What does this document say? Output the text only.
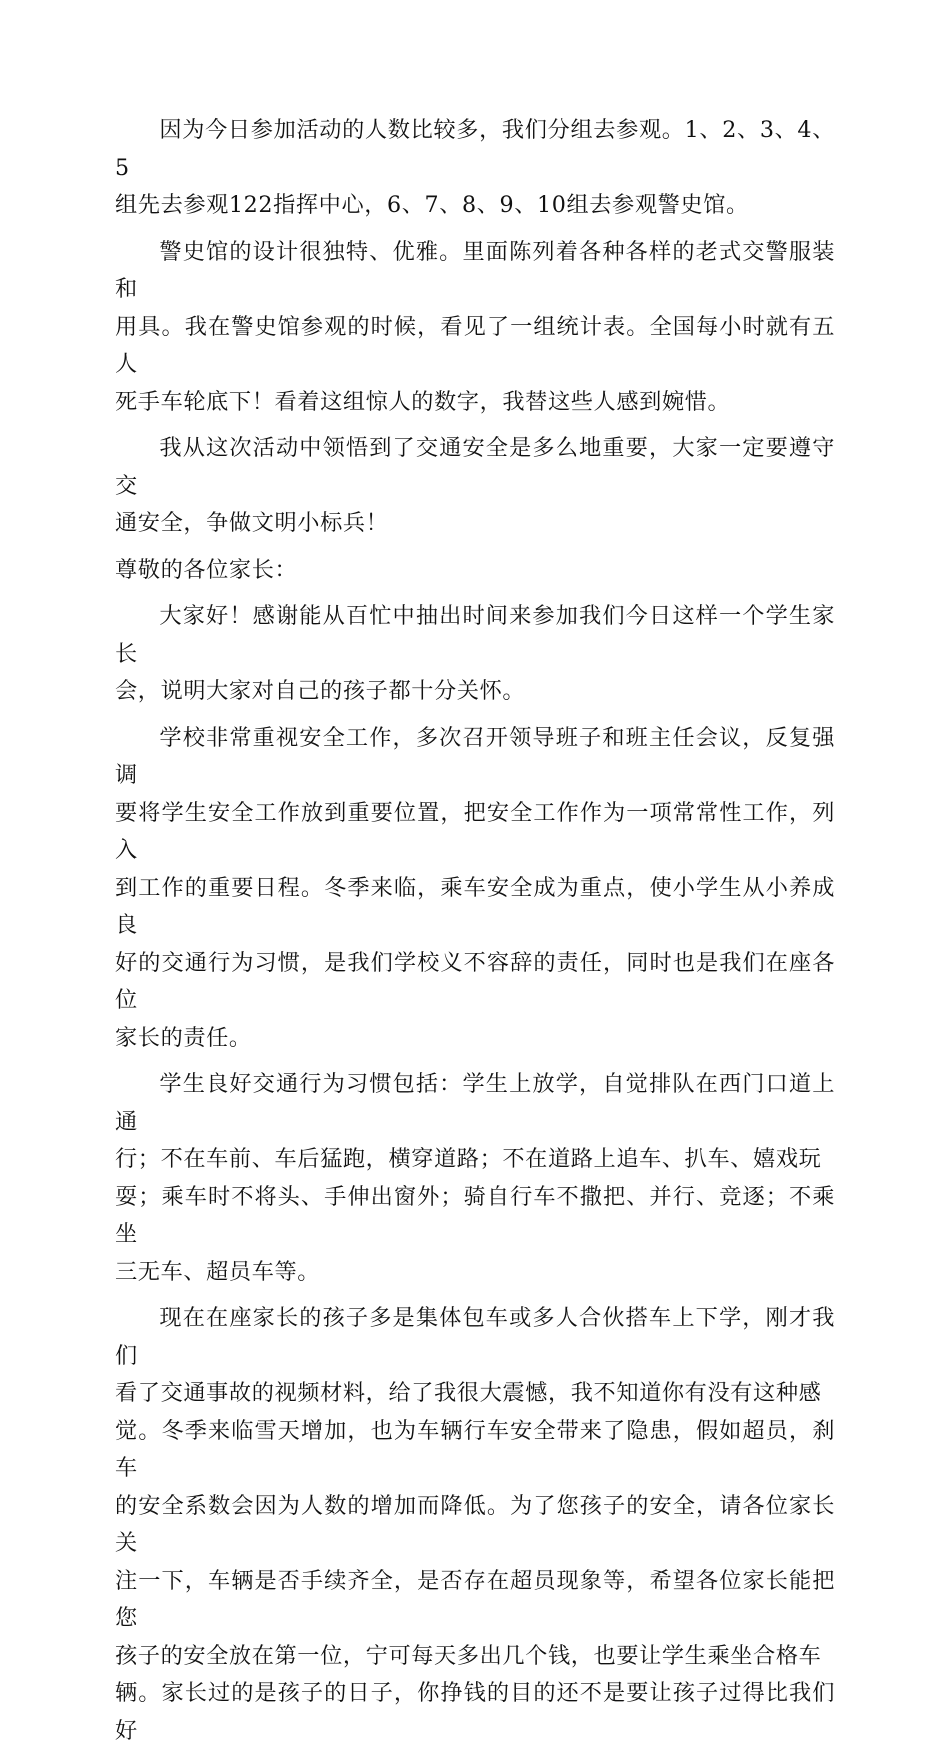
因为今日参加活动的人数比较多，我们分组去参观。1、2、3、4、5
组先去参观122指挥中心，6、7、8、9、10组去参观警史馆。

警史馆的设计很独特、优雅。里面陈列着各种各样的老式交警服装和
用具。我在警史馆参观的时候，看见了一组统计表。全国每小时就有五人
死手车轮底下！看着这组惊人的数字，我替这些人感到婉惜。

我从这次活动中领悟到了交通安全是多么地重要，大家一定要遵守交
通安全，争做文明小标兵！

尊敬的各位家长：

大家好！感谢能从百忙中抽出时间来参加我们今日这样一个学生家长
会，说明大家对自己的孩子都十分关怀。

学校非常重视安全工作，多次召开领导班子和班主任会议，反复强调
要将学生安全工作放到重要位置，把安全工作作为一项常常性工作，列入
到工作的重要日程。冬季来临，乘车安全成为重点，使小学生从小养成良
好的交通行为习惯，是我们学校义不容辞的责任，同时也是我们在座各位
家长的责任。

学生良好交通行为习惯包括：学生上放学，自觉排队在西门口道上通
行；不在车前、车后猛跑，横穿道路；不在道路上追车、扒车、嬉戏玩
耍；乘车时不将头、手伸出窗外；骑自行车不撒把、并行、竞逐；不乘坐
三无车、超员车等。

现在在座家长的孩子多是集体包车或多人合伙搭车上下学，刚才我们
看了交通事故的视频材料，给了我很大震憾，我不知道你有没有这种感
觉。冬季来临雪天增加，也为车辆行车安全带来了隐患，假如超员，刹车
的安全系数会因为人数的增加而降低。为了您孩子的安全，请各位家长关
注一下，车辆是否手续齐全，是否存在超员现象等，希望各位家长能把您
孩子的安全放在第一位，宁可每天多出几个钱，也要让学生乘坐合格车
辆。家长过的是孩子的日子，你挣钱的目的还不是要让孩子过得比我们好
